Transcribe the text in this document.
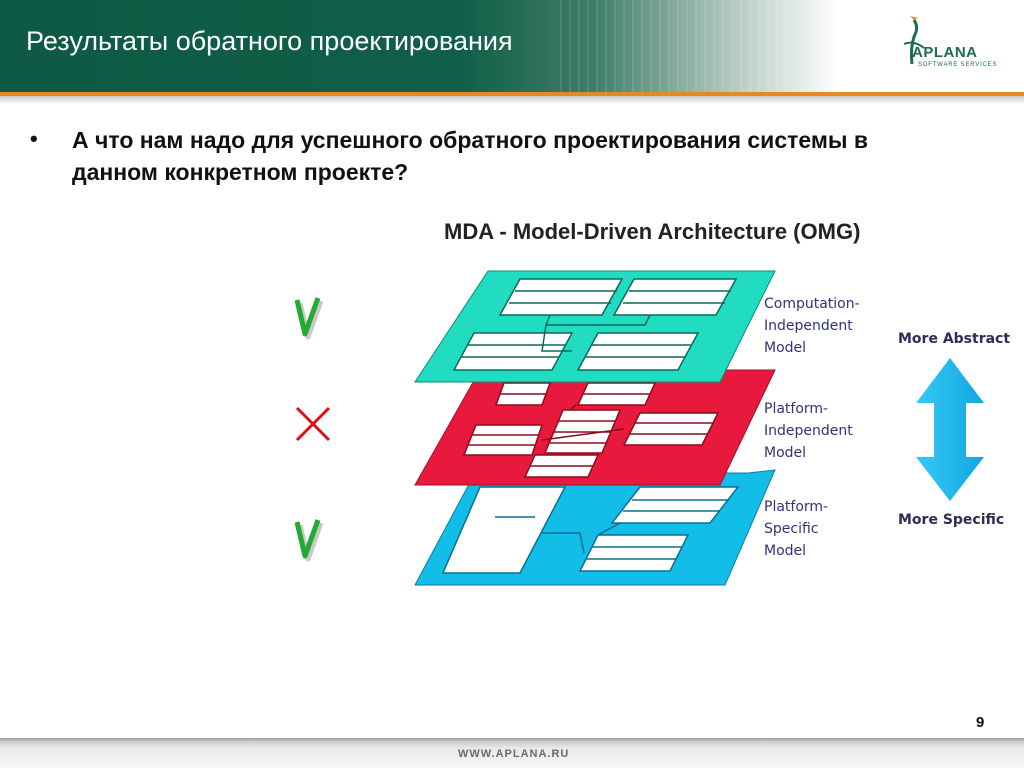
Результаты обратного проектирования	APLANA
SOFTWARE SERVICES
• А что нам надо для успешного обратного проектирования системы в данном конкретном проекте?
MDA - Model-Driven Architecture (OMG)
Computation-
Independent
Model
Platform-
Independent
Model
Platform-
Specific
Model
More Abstract
More Specific
9
WWW.APLANA.RU
